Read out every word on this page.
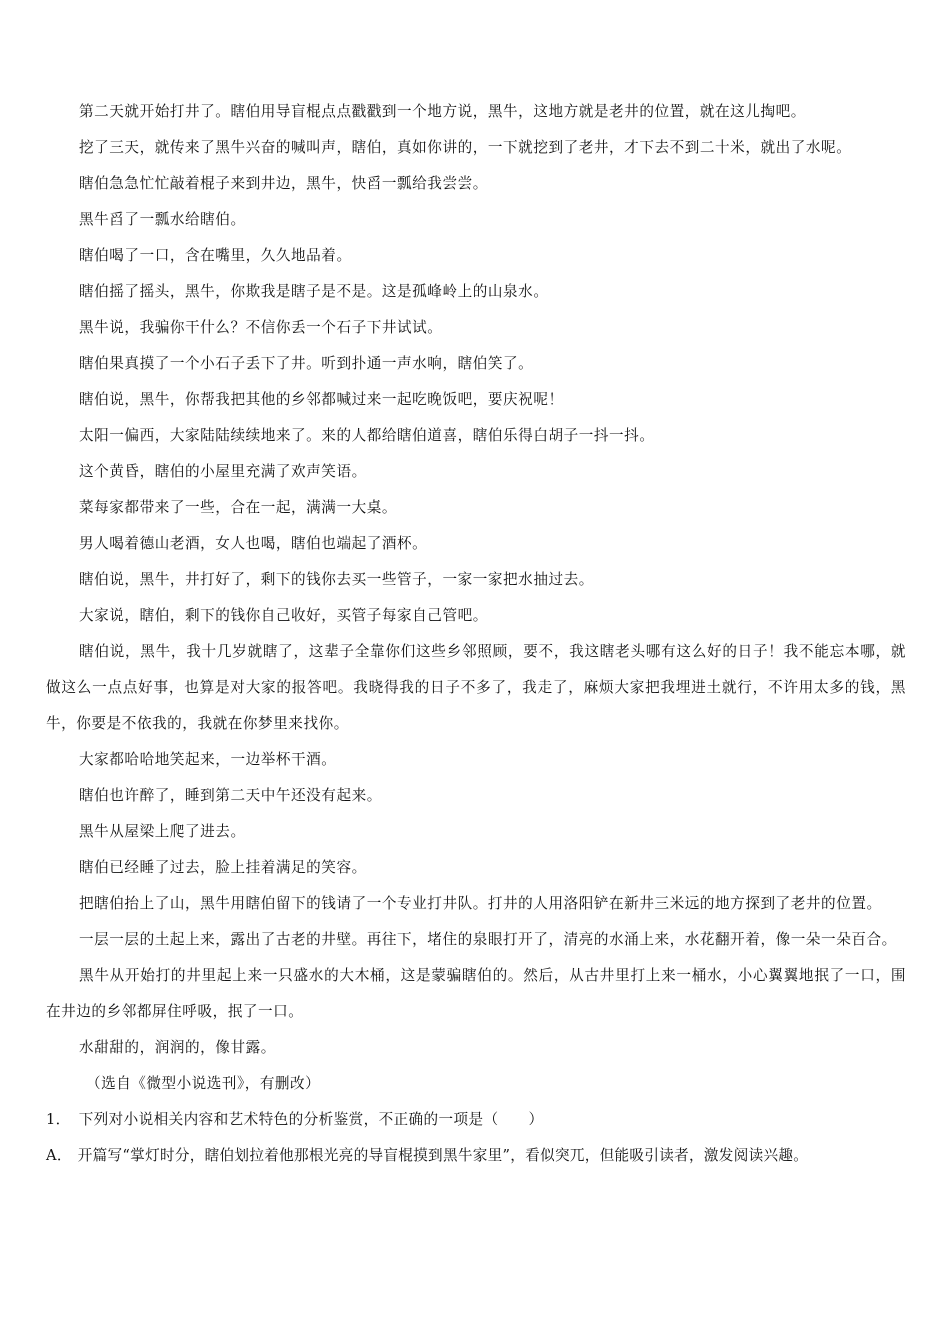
第二天就开始打井了。瞎伯用导盲棍点点戳戳到一个地方说，黑牛，这地方就是老井的位置，就在这儿掏吧。

挖了三天，就传来了黑牛兴奋的喊叫声，瞎伯，真如你讲的，一下就挖到了老井，才下去不到二十米，就出了水呢。

瞎伯急急忙忙敲着棍子来到井边，黑牛，快舀一瓢给我尝尝。

黑牛舀了一瓢水给瞎伯。

瞎伯喝了一口，含在嘴里，久久地品着。

瞎伯摇了摇头，黑牛，你欺我是瞎子是不是。这是孤峰岭上的山泉水。

黑牛说，我骗你干什么？不信你丢一个石子下井试试。

瞎伯果真摸了一个小石子丢下了井。听到扑通一声水响，瞎伯笑了。

瞎伯说，黑牛，你帮我把其他的乡邻都喊过来一起吃晚饭吧，要庆祝呢！

太阳一偏西，大家陆陆续续地来了。来的人都给瞎伯道喜，瞎伯乐得白胡子一抖一抖。

这个黄昏，瞎伯的小屋里充满了欢声笑语。

菜每家都带来了一些，合在一起，满满一大桌。

男人喝着德山老酒，女人也喝，瞎伯也端起了酒杯。

瞎伯说，黑牛，井打好了，剩下的钱你去买一些管子，一家一家把水抽过去。

大家说，瞎伯，剩下的钱你自己收好，买管子每家自己管吧。

瞎伯说，黑牛，我十几岁就瞎了，这辈子全靠你们这些乡邻照顾，要不，我这瞎老头哪有这么好的日子！我不能忘本哪，就做这么一点点好事，也算是对大家的报答吧。我晓得我的日子不多了，我走了，麻烦大家把我埋进土就行，不许用太多的钱，黑牛，你要是不依我的，我就在你梦里来找你。

大家都哈哈地笑起来，一边举杯干酒。

瞎伯也许醉了，睡到第二天中午还没有起来。

黑牛从屋梁上爬了进去。

瞎伯已经睡了过去，脸上挂着满足的笑容。

把瞎伯抬上了山，黑牛用瞎伯留下的钱请了一个专业打井队。打井的人用洛阳铲在新井三米远的地方探到了老井的位置。

一层一层的土起上来，露出了古老的井壁。再往下，堵住的泉眼打开了，清亮的水涌上来，水花翻开着，像一朵一朵百合。

黑牛从开始打的井里起上来一只盛水的大木桶，这是蒙骗瞎伯的。然后，从古井里打上来一桶水，小心翼翼地抿了一口，围在井边的乡邻都屏住呼吸，抿了一口。

水甜甜的，润润的，像甘露。

（选自《微型小说选刊》，有删改）

1． 下列对小说相关内容和艺术特色的分析鉴赏，不正确的一项是（　　）

A． 开篇写“掌灯时分，瞎伯划拉着他那根光亮的导盲棍摸到黑牛家里”，看似突兀，但能吸引读者，激发阅读兴趣。
